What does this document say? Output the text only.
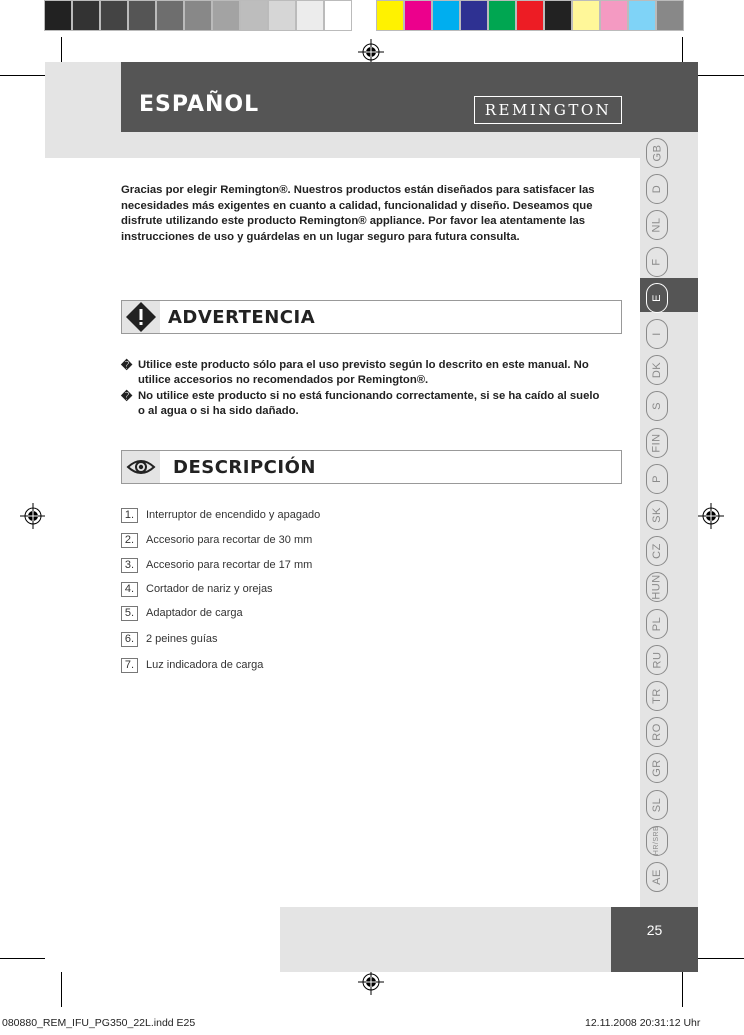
ESPAÑOL	REMINGTON
GB
D
NL
F
E
I
DK
S
FIN
P
SK
CZ
HUN
PL
RU
TR
RO
GR
SL
HR/SRB
AE
25

Gracias por elegir Remington®. Nuestros productos están diseñados para satisfacer las necesidades más exigentes en cuanto a calidad, funcionalidad y diseño. Deseamos que disfrute utilizando este producto Remington® appliance. Por favor lea atentamente las instrucciones de uso y guárdelas en un lugar seguro para futura consulta.

ADVERTENCIA
� Utilice este producto sólo para el uso previsto según lo descrito en este manual. No utilice accesorios no recomendados por Remington®.
� No utilice este producto si no está funcionando correctamente, si se ha caído al suelo o al agua o si ha sido dañado.
DESCRIPCIÓN
1.	Interruptor de encendido y apagado
2.	Accesorio para recortar de 30 mm
3.	Accesorio para recortar de 17 mm
4.	Cortador de nariz y orejas
5.	Adaptador de carga
6.	2 peines guías
7.	Luz indicadora de carga
080880_REM_IFU_PG350_22L.indd E25	12.11.2008 20:31:12 Uhr
